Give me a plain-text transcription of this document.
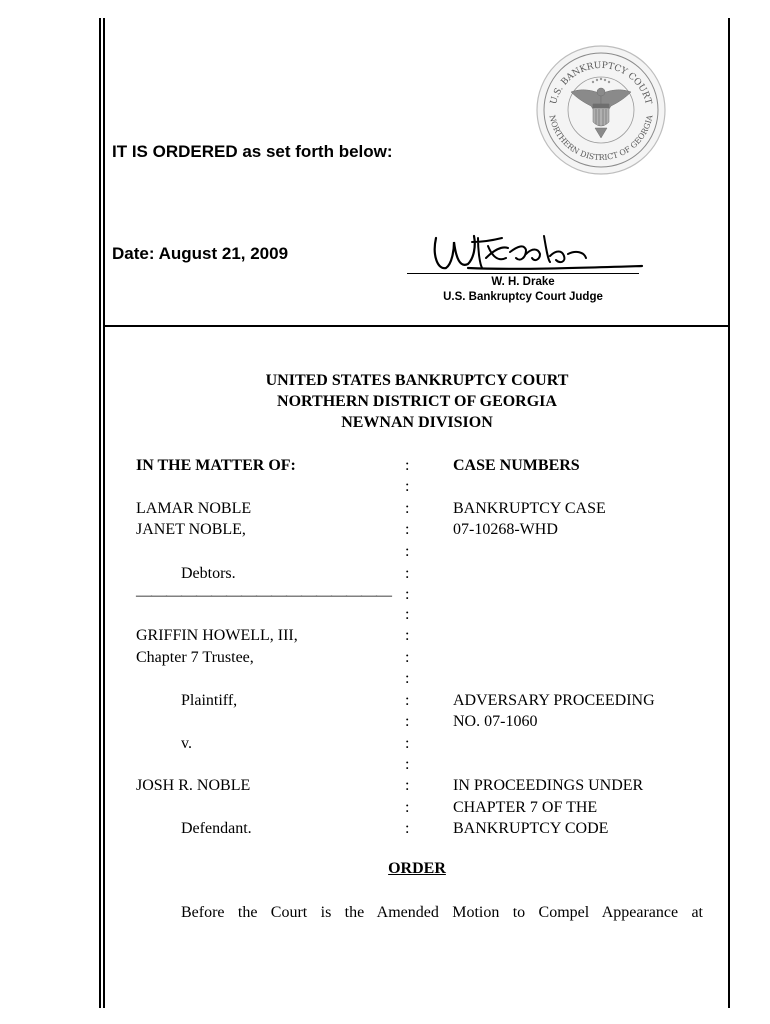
IT IS ORDERED as set forth below:
Date: August 21, 2009
U.S. BANKRUPTCY COURT
NORTHERN DISTRICT OF GEORGIA
W. H. Drake
U.S. Bankruptcy Court Judge
UNITED STATES BANKRUPTCY COURT
NORTHERN DISTRICT OF GEORGIA
NEWNAN DIVISION
IN THE MATTER OF:
LAMAR NOBLE
JANET NOBLE,
Debtors.
—————————————————
GRIFFIN HOWELL, III,
Chapter 7 Trustee,
Plaintiff,
v.
JOSH R. NOBLE
Defendant.
:
:
:
:
:
:
:
:
:
:
:
:
:
:
:
:
:
:
CASE NUMBERS
BANKRUPTCY CASE
07-10268-WHD
ADVERSARY PROCEEDING
NO. 07-1060
IN PROCEEDINGS UNDER
CHAPTER 7 OF THE
BANKRUPTCY CODE
ORDER
Before the Court is the Amended Motion to Compel Appearance at
